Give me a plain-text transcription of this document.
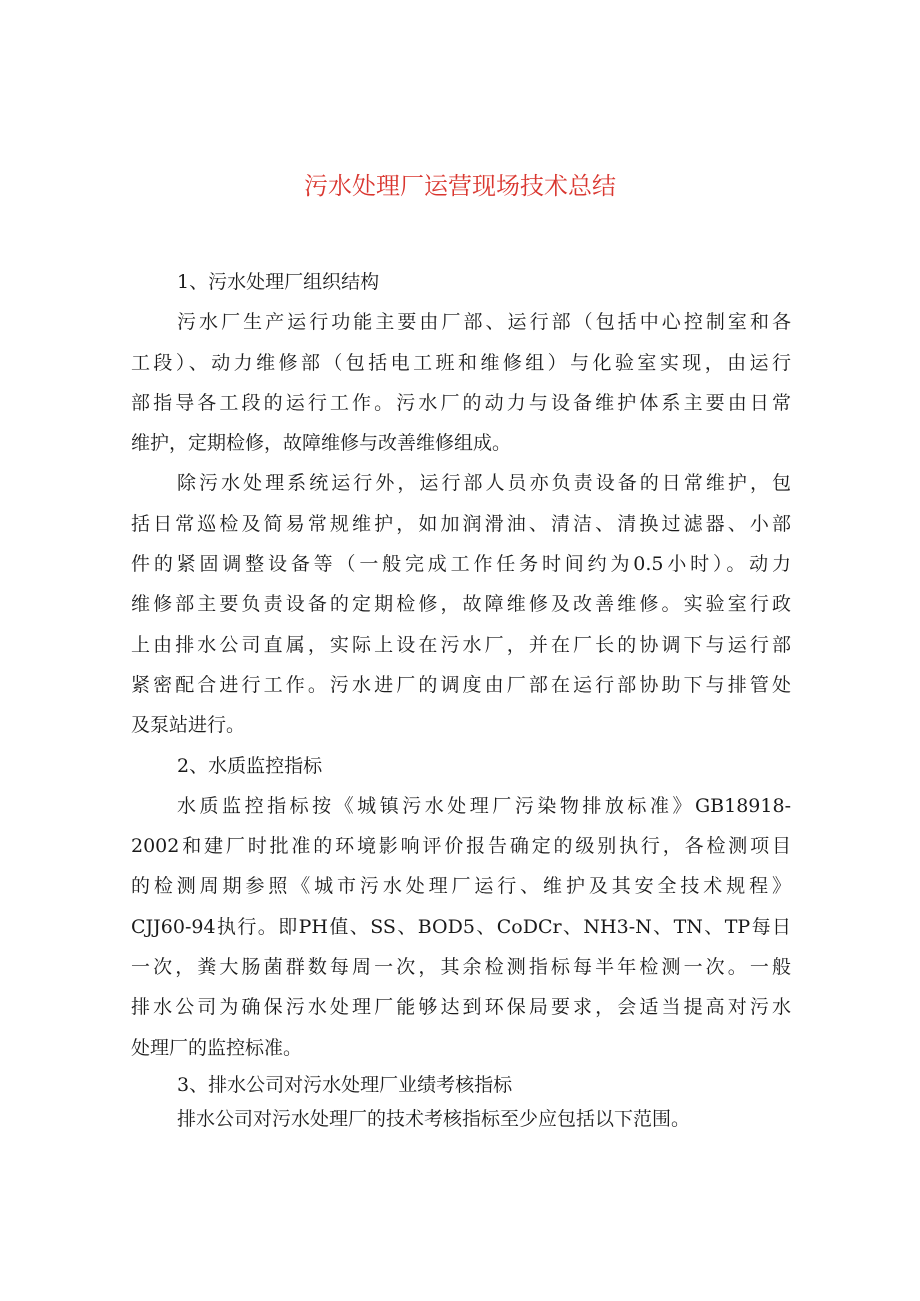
污水处理厂运营现场技术总结
1、污水处理厂组织结构
污水厂生产运行功能主要由厂部、运行部（包括中心控制室和各
工段）、动力维修部（包括电工班和维修组）与化验室实现，由运行
部指导各工段的运行工作。污水厂的动力与设备维护体系主要由日常
维护，定期检修，故障维修与改善维修组成。
除污水处理系统运行外，运行部人员亦负责设备的日常维护，包
括日常巡检及简易常规维护，如加润滑油、清洁、清换过滤器、小部
件的紧固调整设备等（一般完成工作任务时间约为0.5小时）。动力
维修部主要负责设备的定期检修，故障维修及改善维修。实验室行政
上由排水公司直属，实际上设在污水厂，并在厂长的协调下与运行部
紧密配合进行工作。污水进厂的调度由厂部在运行部协助下与排管处
及泵站进行。
2、水质监控指标
水质监控指标按《城镇污水处理厂污染物排放标准》GB18918-
2002和建厂时批准的环境影响评价报告确定的级别执行，各检测项目
的检测周期参照《城市污水处理厂运行、维护及其安全技术规程》
CJJ60-94执行。即PH值、SS、BOD5、CoDCr、NH3-N、TN、TP每日
一次，粪大肠菌群数每周一次，其余检测指标每半年检测一次。一般
排水公司为确保污水处理厂能够达到环保局要求，会适当提高对污水
处理厂的监控标准。
3、排水公司对污水处理厂业绩考核指标
排水公司对污水处理厂的技术考核指标至少应包括以下范围。
